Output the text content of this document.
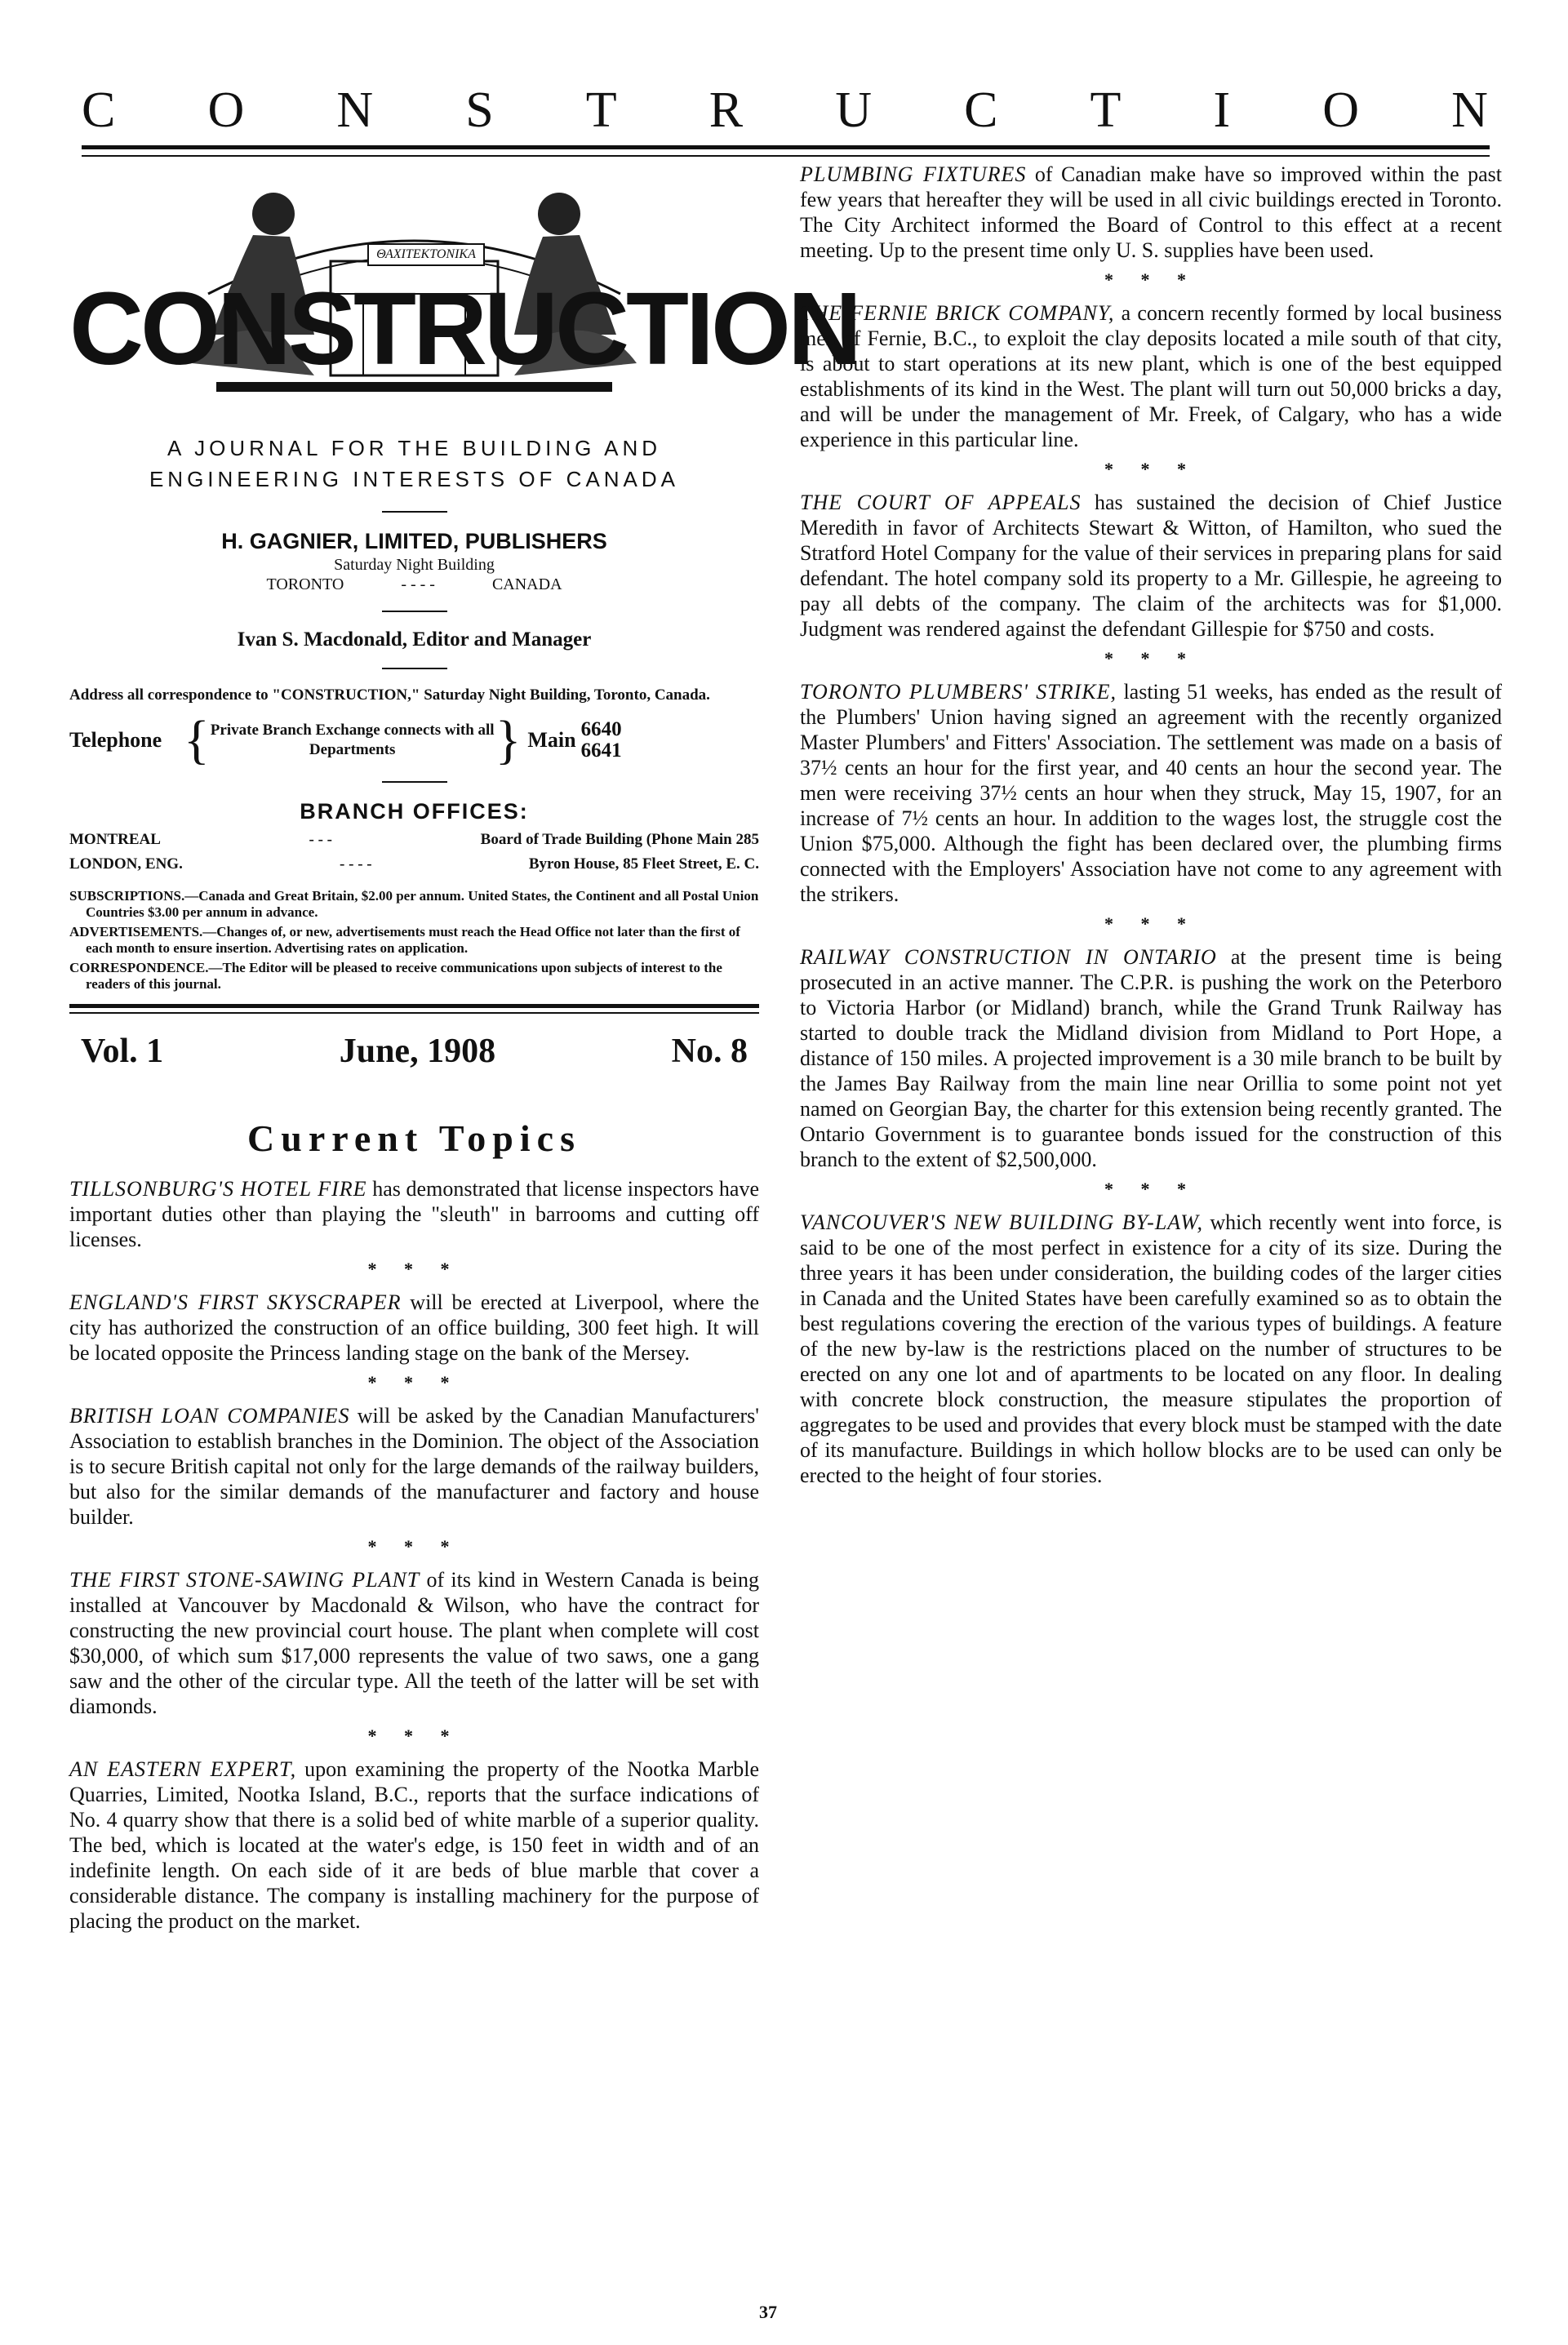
C O N S T R U C T I O N
ΘΑΧΙΤΕΚΤΟΝΙΚΑ
CONSTRUCTION
A JOURNAL FOR THE BUILDING AND ENGINEERING INTERESTS OF CANADA
H. GAGNIER, LIMITED, PUBLISHERS
Saturday Night Building
TORONTO	- - - -	CANADA
Ivan S. Macdonald, Editor and Manager
Address all correspondence to "CONSTRUCTION," Saturday Night Building, Toronto, Canada.
Telephone { Private Branch Exchange connects with all Departments	} Main 6640
6641
BRANCH OFFICES:
MONTREAL	- - -	Board of Trade Building (Phone Main 285
LONDON, ENG.	- - - -	Byron House, 85 Fleet Street, E. C.

SUBSCRIPTIONS.—Canada and Great Britain, $2.00 per annum. United States, the Continent and all Postal Union Countries $3.00 per annum in advance.

ADVERTISEMENTS.—Changes of, or new, advertisements must reach the Head Office not later than the first of each month to ensure insertion. Advertising rates on application.

CORRESPONDENCE.—The Editor will be pleased to receive communications upon subjects of interest to the readers of this journal.

Vol. 1	June, 1908	No. 8
Current Topics

TILLSONBURG'S HOTEL FIRE has demonstrated that license inspectors have important duties other than playing the "sleuth" in barrooms and cutting off licenses.

* * *

ENGLAND'S FIRST SKYSCRAPER will be erected at Liverpool, where the city has authorized the construction of an office building, 300 feet high. It will be located opposite the Princess landing stage on the bank of the Mersey.

* * *

BRITISH LOAN COMPANIES will be asked by the Canadian Manufacturers' Association to establish branches in the Dominion. The object of the Association is to secure British capital not only for the large demands of the railway builders, but also for the similar demands of the manufacturer and factory and house builder.

* * *

THE FIRST STONE-SAWING PLANT of its kind in Western Canada is being installed at Vancouver by Macdonald & Wilson, who have the contract for constructing the new provincial court house. The plant when complete will cost $30,000, of which sum $17,000 represents the value of two saws, one a gang saw and the other of the circular type. All the teeth of the latter will be set with diamonds.

* * *

AN EASTERN EXPERT, upon examining the property of the Nootka Marble Quarries, Limited, Nootka Island, B.C., reports that the surface indications of No. 4 quarry show that there is a solid bed of white marble of a superior quality. The bed, which is located at the water's edge, is 150 feet in width and of an indefinite length. On each side of it are beds of blue marble that cover a considerable distance. The company is installing machinery for the purpose of placing the product on the market.

PLUMBING FIXTURES of Canadian make have so improved within the past few years that hereafter they will be used in all civic buildings erected in Toronto. The City Architect informed the Board of Control to this effect at a recent meeting. Up to the present time only U. S. supplies have been used.

* * *

THE FERNIE BRICK COMPANY, a concern recently formed by local business men of Fernie, B.C., to exploit the clay deposits located a mile south of that city, is about to start operations at its new plant, which is one of the best equipped establishments of its kind in the West. The plant will turn out 50,000 bricks a day, and will be under the management of Mr. Freek, of Calgary, who has a wide experience in this particular line.

* * *

THE COURT OF APPEALS has sustained the decision of Chief Justice Meredith in favor of Architects Stewart & Witton, of Hamilton, who sued the Stratford Hotel Company for the value of their services in preparing plans for said defendant. The hotel company sold its property to a Mr. Gillespie, he agreeing to pay all debts of the company. The claim of the architects was for $1,000. Judgment was rendered against the defendant Gillespie for $750 and costs.

* * *

TORONTO PLUMBERS' STRIKE, lasting 51 weeks, has ended as the result of the Plumbers' Union having signed an agreement with the recently organized Master Plumbers' and Fitters' Association. The settlement was made on a basis of 37½ cents an hour for the first year, and 40 cents an hour the second year. The men were receiving 37½ cents an hour when they struck, May 15, 1907, for an increase of 7½ cents an hour. In addition to the wages lost, the struggle cost the Union $75,000. Although the fight has been declared over, the plumbing firms connected with the Employers' Association have not come to any agreement with the strikers.

* * *

RAILWAY CONSTRUCTION IN ONTARIO at the present time is being prosecuted in an active manner. The C.P.R. is pushing the work on the Peterboro to Victoria Harbor (or Midland) branch, while the Grand Trunk Railway has started to double track the Midland division from Midland to Port Hope, a distance of 150 miles. A projected improvement is a 30 mile branch to be built by the James Bay Railway from the main line near Orillia to some point not yet named on Georgian Bay, the charter for this extension being recently granted. The Ontario Government is to guarantee bonds issued for the construction of this branch to the extent of $2,500,000.

* * *

VANCOUVER'S NEW BUILDING BY-LAW, which recently went into force, is said to be one of the most perfect in existence for a city of its size. During the three years it has been under consideration, the building codes of the larger cities in Canada and the United States have been carefully examined so as to obtain the best regulations covering the erection of the various types of buildings. A feature of the new by-law is the restrictions placed on the number of structures to be erected on any one lot and of apartments to be located on any floor. In dealing with concrete block construction, the measure stipulates the proportion of aggregates to be used and provides that every block must be stamped with the date of its manufacture. Buildings in which hollow blocks are to be used can only be erected to the height of four stories.

37
